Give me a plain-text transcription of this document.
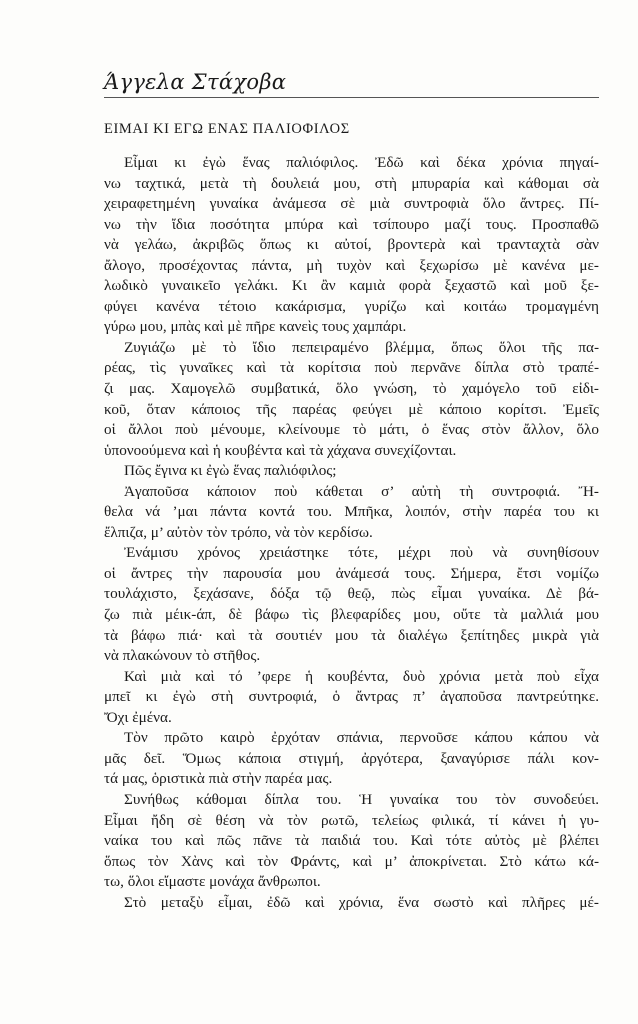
Άγγελα Στάχοβα
ΕΙΜΑΙ ΚΙ ΕΓΩ ΕΝΑΣ ΠΑΛΙΟΦΙΛΟΣ
Εἶμαι κι ἐγὼ ἕνας παλιόφιλος. Ἐδῶ καὶ δέκα χρόνια πηγαί-
νω ταχτικά, μετὰ τὴ δουλειά μου, στὴ μπυραρία καὶ κάθομαι σὰ
χειραφετημένη γυναίκα ἀνάμεσα σὲ μιὰ συντροφιὰ ὅλο ἄντρες. Πί-
νω τὴν ἴδια ποσότητα μπύρα καὶ τσίπουρο μαζί τους. Προσπαθῶ
νὰ γελάω, ἀκριβῶς ὅπως κι αὐτοί, βροντερὰ καὶ τρανταχτὰ σὰν
ἄλογο, προσέχοντας πάντα, μὴ τυχὸν καὶ ξεχωρίσω μὲ κανένα με-
λωδικὸ γυναικεῖο γελάκι. Κι ἂν καμιὰ φορὰ ξεχαστῶ καὶ μοῦ ξε-
φύγει κανένα τέτοιο κακάρισμα, γυρίζω καὶ κοιτάω τρομαγμένη
γύρω μου, μπὰς καὶ μὲ πῆρε κανεὶς τους χαμπάρι.
Ζυγιάζω μὲ τὸ ἴδιο πεπειραμένο βλέμμα, ὅπως ὅλοι τῆς πα-
ρέας, τὶς γυναῖκες καὶ τὰ κορίτσια ποὺ περνᾶνε δίπλα στὸ τραπέ-
ζι μας. Χαμογελῶ συμβατικά, ὅλο γνώση, τὸ χαμόγελο τοῦ εἰδι-
κοῦ, ὅταν κάποιος τῆς παρέας φεύγει μὲ κάποιο κορίτσι. Ἐμεῖς
οἱ ἄλλοι ποὺ μένουμε, κλείνουμε τὸ μάτι, ὁ ἕνας στὸν ἄλλον, ὅλο
ὑπονοούμενα καὶ ἡ κουβέντα καὶ τὰ χάχανα συνεχίζονται.
Πῶς ἔγινα κι ἐγὼ ἕνας παλιόφιλος;
Ἀγαποῦσα κάποιον ποὺ κάθεται σ’ αὐτὴ τὴ συντροφιά. Ἤ-
θελα νά ’μαι πάντα κοντά του. Μπῆκα, λοιπόν, στὴν παρέα του κι
ἔλπιζα, μ’ αὐτὸν τὸν τρόπο, νὰ τὸν κερδίσω.
Ἐνάμισυ χρόνος χρειάστηκε τότε, μέχρι ποὺ νὰ συνηθίσουν
οἱ ἄντρες τὴν παρουσία μου ἀνάμεσά τους. Σήμερα, ἔτσι νομίζω
τουλάχιστο, ξεχάσανε, δόξα τῷ θεῷ, πὼς εἶμαι γυναίκα. Δὲ βά-
ζω πιὰ μέικ-άπ, δὲ βάφω τὶς βλεφαρίδες μου, οὔτε τὰ μαλλιά μου
τὰ βάφω πιά· καὶ τὰ σουτιέν μου τὰ διαλέγω ξεπίτηδες μικρὰ γιὰ
νὰ πλακώνουν τὸ στῆθος.
Καὶ μιὰ καὶ τό ’φερε ἡ κουβέντα, δυὸ χρόνια μετὰ ποὺ εἶχα
μπεῖ κι ἐγὼ στὴ συντροφιά, ὁ ἄντρας π’ ἀγαποῦσα παντρεύτηκε.
Ὄχι ἐμένα.
Τὸν πρῶτο καιρὸ ἐρχόταν σπάνια, περνοῦσε κάπου κάπου νὰ
μᾶς δεῖ. Ὅμως κάποια στιγμή, ἀργότερα, ξαναγύρισε πάλι κον-
τά μας, ὁριστικὰ πιὰ στὴν παρέα μας.
Συνήθως κάθομαι δίπλα του. Ἡ γυναίκα του τὸν συνοδεύει.
Εἶμαι ἤδη σὲ θέση νὰ τὸν ρωτῶ, τελείως φιλικά, τί κάνει ἡ γυ-
ναίκα του καὶ πῶς πᾶνε τὰ παιδιά του. Καὶ τότε αὐτὸς μὲ βλέπει
ὅπως τὸν Χὰνς καὶ τὸν Φράντς, καὶ μ’ ἀποκρίνεται. Στὸ κάτω κά-
τω, ὅλοι εἴμαστε μονάχα ἄνθρωποι.
Στὸ μεταξὺ εἶμαι, ἐδῶ καὶ χρόνια, ἕνα σωστὸ καὶ πλῆρες μέ-
